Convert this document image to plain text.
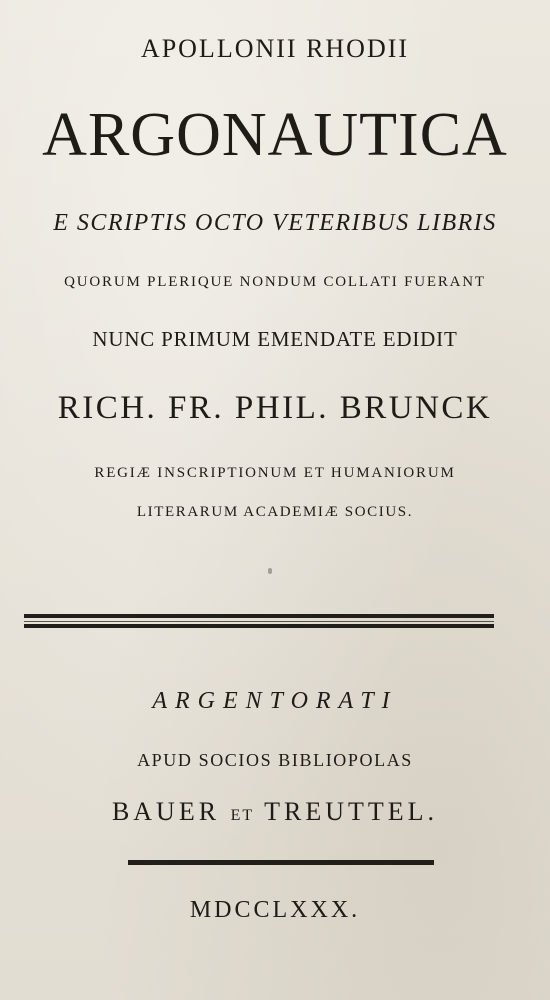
APOLLONII RHODII
ARGONAUTICA
E SCRIPTIS OCTO VETERIBUS LIBRIS
QUORUM PLERIQUE NONDUM COLLATI FUERANT
NUNC PRIMUM EMENDATE EDIDIT
RICH. FR. PHIL. BRUNCK
REGIÆ INSCRIPTIONUM ET HUMANIORUM
LITERARUM ACADEMIÆ SOCIUS.
ARGENTORATI
APUD SOCIOS BIBLIOPOLAS
BAUER ET TREUTTEL.
MDCCLXXX.
